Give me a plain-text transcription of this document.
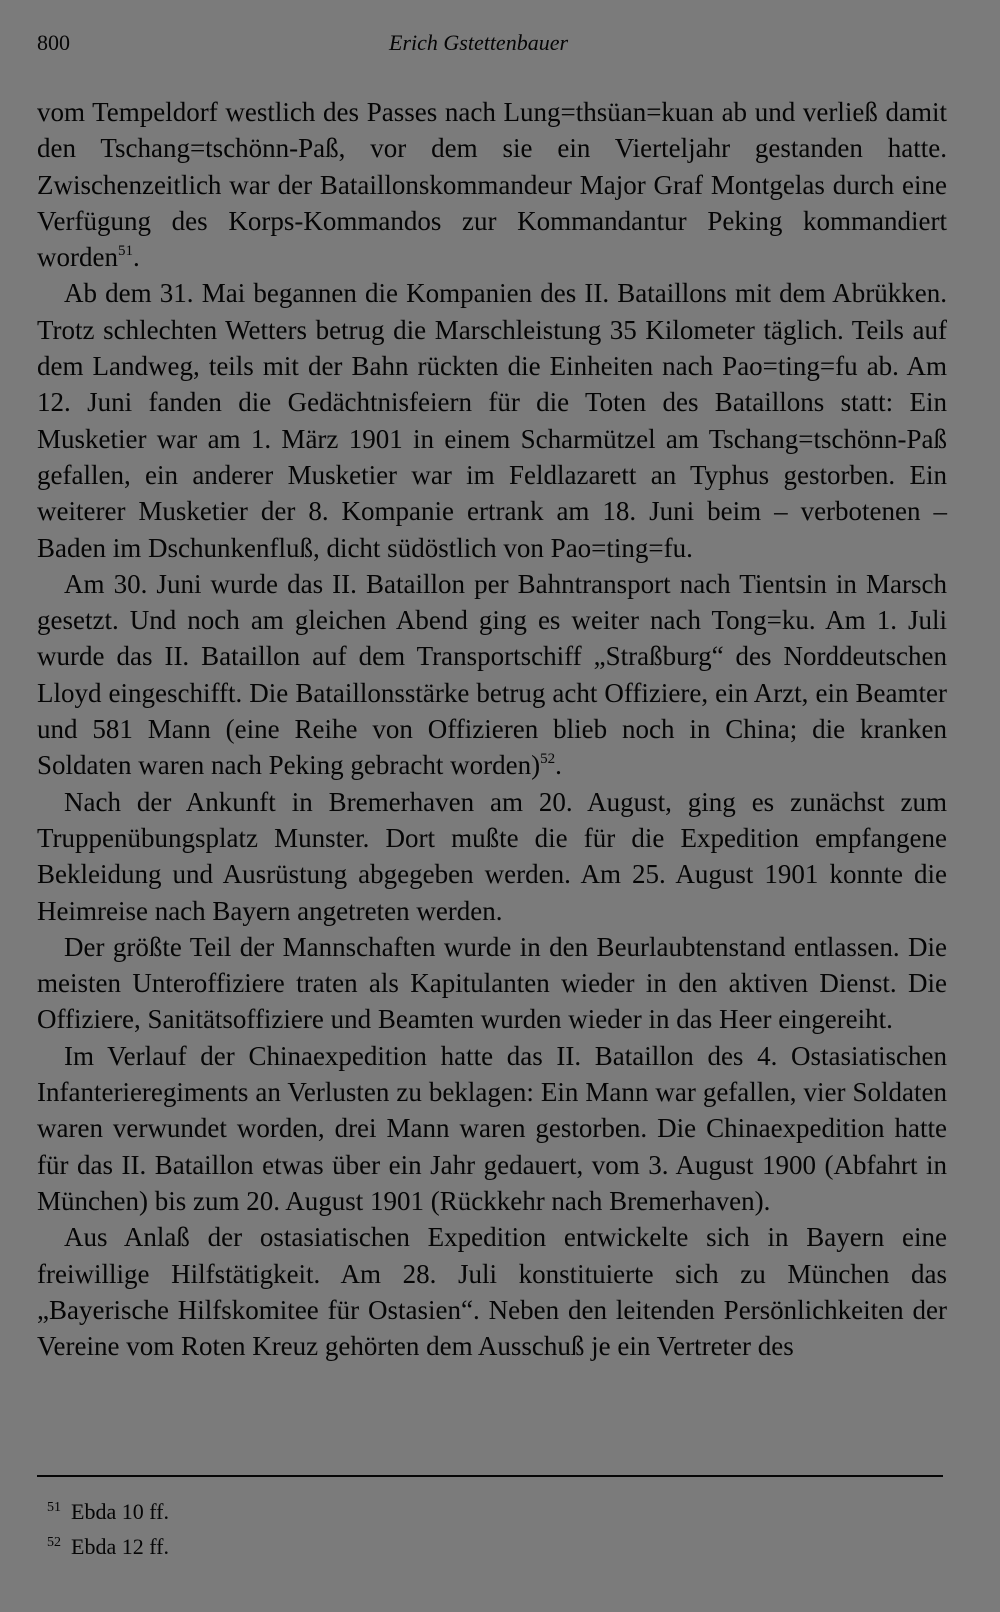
800	Erich Gstettenbauer

vom Tempeldorf westlich des Passes nach Lung=thsüan=kuan ab und verließ damit den Tschang=tschönn-Paß, vor dem sie ein Vierteljahr gestanden hatte. Zwischenzeitlich war der Bataillonskommandeur Major Graf Montgelas durch eine Verfügung des Korps-Kommandos zur Kommandantur Peking kommandiert worden$^{51}$.

Ab dem 31. Mai begannen die Kompanien des II. Bataillons mit dem Abrükken. Trotz schlechten Wetters betrug die Marschleistung 35 Kilometer täglich. Teils auf dem Landweg, teils mit der Bahn rückten die Einheiten nach Pao=ting=fu ab. Am 12. Juni fanden die Gedächtnisfeiern für die Toten des Bataillons statt: Ein Musketier war am 1. März 1901 in einem Scharmützel am Tschang=tschönn-Paß gefallen, ein anderer Musketier war im Feldlazarett an Typhus gestorben. Ein weiterer Musketier der 8. Kompanie ertrank am 18. Juni beim – verbotenen – Baden im Dschunkenfluß, dicht südöstlich von Pao=ting=fu.

Am 30. Juni wurde das II. Bataillon per Bahntransport nach Tientsin in Marsch gesetzt. Und noch am gleichen Abend ging es weiter nach Tong=ku. Am 1. Juli wurde das II. Bataillon auf dem Transportschiff „Straßburg“ des Norddeutschen Lloyd eingeschifft. Die Bataillonsstärke betrug acht Offiziere, ein Arzt, ein Beamter und 581 Mann (eine Reihe von Offizieren blieb noch in China; die kranken Soldaten waren nach Peking gebracht worden)$^{52}$.

Nach der Ankunft in Bremerhaven am 20. August, ging es zunächst zum Truppenübungsplatz Munster. Dort mußte die für die Expedition empfangene Bekleidung und Ausrüstung abgegeben werden. Am 25. August 1901 konnte die Heimreise nach Bayern angetreten werden.

Der größte Teil der Mannschaften wurde in den Beurlaubtenstand entlassen. Die meisten Unteroffiziere traten als Kapitulanten wieder in den aktiven Dienst. Die Offiziere, Sanitätsoffiziere und Beamten wurden wieder in das Heer eingereiht.

Im Verlauf der Chinaexpedition hatte das II. Bataillon des 4. Ostasiatischen Infanterieregiments an Verlusten zu beklagen: Ein Mann war gefallen, vier Soldaten waren verwundet worden, drei Mann waren gestorben. Die Chinaexpedition hatte für das II. Bataillon etwas über ein Jahr gedauert, vom 3. August 1900 (Abfahrt in München) bis zum 20. August 1901 (Rückkehr nach Bremerhaven).

Aus Anlaß der ostasiatischen Expedition entwickelte sich in Bayern eine freiwillige Hilfstätigkeit. Am 28. Juli konstituierte sich zu München das „Bayerische Hilfskomitee für Ostasien“. Neben den leitenden Persönlichkeiten der Vereine vom Roten Kreuz gehörten dem Ausschuß je ein Vertreter des

$^{51}$ Ebda 10 ff.
$^{52}$ Ebda 12 ff.
